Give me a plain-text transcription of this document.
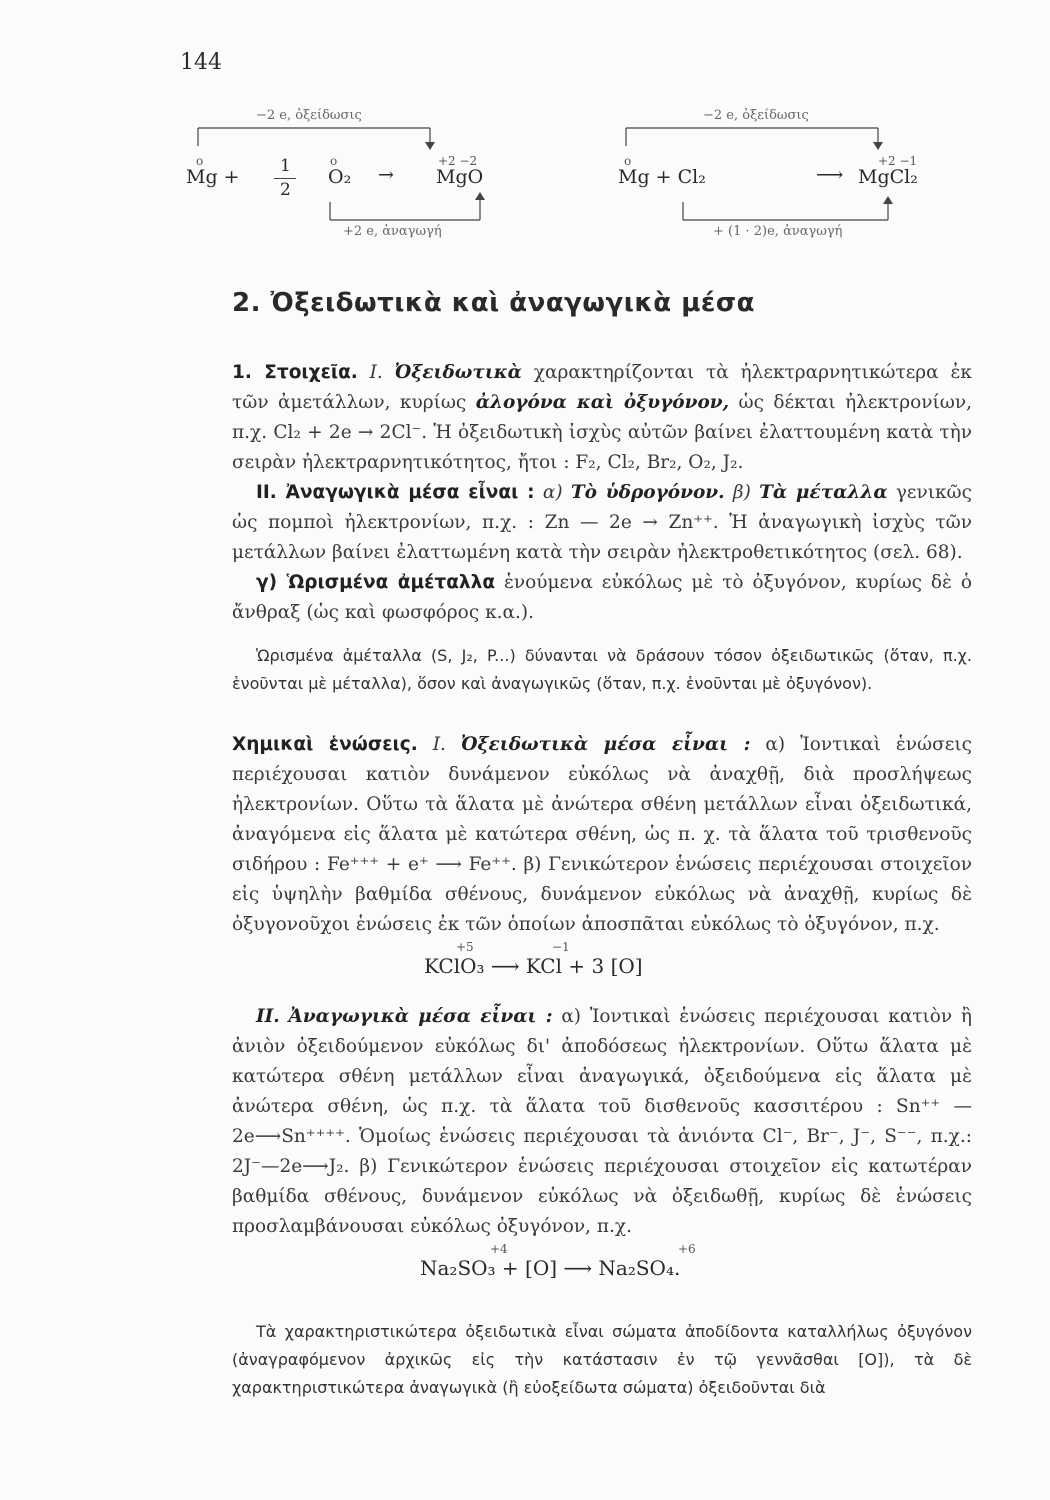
144
−2 e, ὀξείδωσις
+2 e, ἀναγωγή
o
Mg + 1
2
o
O₂ →
+2 −2
MgO
−2 e, ὀξείδωσις
+ (1 · 2)e, ἀναγωγή
o
Mg + Cl₂	⟶
+2 −1
MgCl₂
2. Ὀξειδωτικὰ καὶ ἀναγωγικὰ μέσα

1. Στοιχεῖα. I. Ὀξειδωτικὰ χαρακτηρίζονται τὰ ἠλεκτραρνητικώτερα ἐκ τῶν ἀμετάλλων, κυρίως ἀλογόνα καὶ ὀξυγόνον, ὡς δέκται ἠλεκτρονίων, π.χ. Cl₂ + 2e → 2Cl⁻. Ἡ ὀξειδωτικὴ ἰσχὺς αὐτῶν βαίνει ἐλαττουμένη κατὰ τὴν σειρὰν ἠλεκτραρνητικότητος, ἤτοι : F₂, Cl₂, Br₂, O₂, J₂.

II. Ἀναγωγικὰ μέσα εἶναι : α) Τὸ ὑδρογόνον. β) Τὰ μέταλλα γενικῶς ὡς πομποὶ ἠλεκτρονίων, π.χ. : Zn — 2e → Zn⁺⁺. Ἡ ἀναγωγικὴ ἰσχὺς τῶν μετάλλων βαίνει ἐλαττωμένη κατὰ τὴν σειρὰν ἠλεκτροθετικότητος (σελ. 68).

γ) Ὡρισμένα ἀμέταλλα ἑνούμενα εὐκόλως μὲ τὸ ὀξυγόνον, κυρίως δὲ ὁ ἄνθραξ (ὡς καὶ φωσφόρος κ.α.).

Ὡρισμένα ἀμέταλλα (S, J₂, P...) δύνανται νὰ δράσουν τόσον ὀξειδωτικῶς (ὅταν, π.χ. ἑνοῦνται μὲ μέταλλα), ὅσον καὶ ἀναγωγικῶς (ὅταν, π.χ. ἑνοῦνται μὲ ὀξυγόνον).

Χημικαὶ ἑνώσεις. I. Ὀξειδωτικὰ μέσα εἶναι : α) Ἰοντικαὶ ἑνώσεις περιέχουσαι κατιὸν δυνάμενον εὐκόλως νὰ ἀναχθῇ, διὰ προσλήψεως ἠλεκτρονίων. Οὕτω τὰ ἅλατα μὲ ἀνώτερα σθένη μετάλλων εἶναι ὀξειδωτικά, ἀναγόμενα εἰς ἅλατα μὲ κατώτερα σθένη, ὡς π. χ. τὰ ἅλατα τοῦ τρισθενοῦς σιδήρου : Fe⁺⁺⁺ + e⁺ ⟶ Fe⁺⁺. β) Γενικώτερον ἑνώσεις περιέχουσαι στοιχεῖον εἰς ὑψηλὴν βαθμίδα σθένους, δυνάμενον εὐκόλως νὰ ἀναχθῇ, κυρίως δὲ ὀξυγονοῦχοι ἑνώσεις ἐκ τῶν ὁποίων ἀποσπᾶται εὐκόλως τὸ ὀξυγόνον, π.χ.

+5	−1
KClO₃ ⟶ KCl + 3 [O]

II. Ἀναγωγικὰ μέσα εἶναι : α) Ἰοντικαὶ ἑνώσεις περιέχουσαι κατιὸν ἢ ἀνιὸν ὀξειδούμενον εὐκόλως δι' ἀποδόσεως ἠλεκτρονίων. Οὕτω ἅλατα μὲ κατώτερα σθένη μετάλλων εἶναι ἀναγωγικά, ὀξειδούμενα εἰς ἅλατα μὲ ἀνώτερα σθένη, ὡς π.χ. τὰ ἅλατα τοῦ δισθενοῦς κασσιτέρου : Sn⁺⁺ — 2e⟶Sn⁺⁺⁺⁺. Ὁμοίως ἑνώσεις περιέχουσαι τὰ ἀνιόντα Cl⁻, Br⁻, J⁻, S⁻⁻, π.χ.: 2J⁻—2e⟶J₂. β) Γενικώτερον ἑνώσεις περιέχουσαι στοιχεῖον εἰς κατωτέραν βαθμίδα σθένους, δυνάμενον εὐκόλως νὰ ὀξειδωθῇ, κυρίως δὲ ἑνώσεις προσλαμβάνουσαι εὐκόλως ὀξυγόνον, π.χ.

+4	+6
Na₂SO₃ + [O] ⟶ Na₂SO₄.

Τὰ χαρακτηριστικώτερα ὀξειδωτικὰ εἶναι σώματα ἀποδίδοντα καταλλήλως ὀξυγόνον (ἀναγραφόμενον ἀρχικῶς εἰς τὴν κατάστασιν ἐν τῷ γεννᾶσθαι [O]), τὰ δὲ χαρακτηριστικώτερα ἀναγωγικὰ (ἢ εὐοξείδωτα σώματα) ὀξειδοῦνται διὰ
